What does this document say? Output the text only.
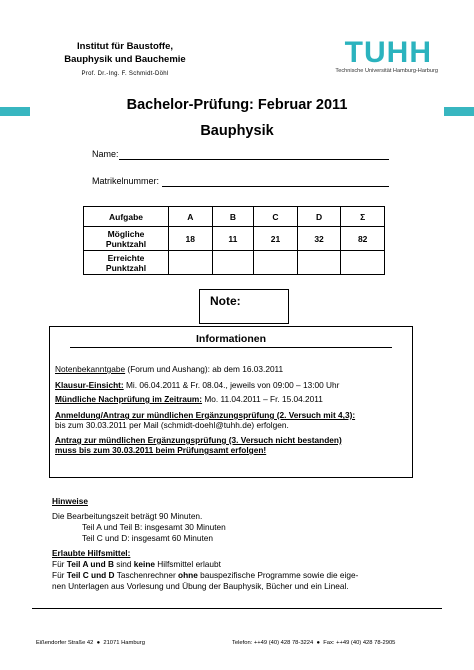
Institut für Baustoffe,
Bauphysik und Bauchemie
Prof. Dr.-Ing. F. Schmidt-Döhl
TUHH
Technische Universität Hamburg-Harburg
Bachelor-Prüfung: Februar 2011
Bauphysik
Name:
Matrikelnummer:
Aufgabe	A	B	C	D	Σ

Mögliche
Punktzahl	18	11	21	32	82

Erreichte
Punktzahl					

Note:
Informationen
Notenbekanntgabe (Forum und Aushang): ab dem 16.03.2011
Klausur-Einsicht: Mi. 06.04.2011 & Fr. 08.04., jeweils von 09:00 – 13:00 Uhr
Mündliche Nachprüfung im Zeitraum: Mo. 11.04.2011 – Fr. 15.04.2011
Anmeldung/Antrag zur mündlichen Ergänzungsprüfung (2. Versuch mit 4,3):
bis zum 30.03.2011 per Mail (schmidt-doehl@tuhh.de) erfolgen.
Antrag zur mündlichen Ergänzungsprüfung (3. Versuch nicht bestanden)
muss bis zum 30.03.2011 beim Prüfungsamt erfolgen!
Hinweise
Die Bearbeitungszeit beträgt 90 Minuten.
Teil A und Teil B: insgesamt 30 Minuten
Teil C und D: insgesamt 60 Minuten
Erlaubte Hilfsmittel:
Für Teil A und B sind keine Hilfsmittel erlaubt
Für Teil C und D Taschenrechner ohne bauspezifische Programme sowie die eige-
nen Unterlagen aus Vorlesung und Übung der Bauphysik, Bücher und ein Lineal.
Eißendorfer Straße 42  ●  21071 Hamburg	Telefon: ++49 (40) 428 78-3224  ●  Fax: ++49 (40) 428 78-2905
